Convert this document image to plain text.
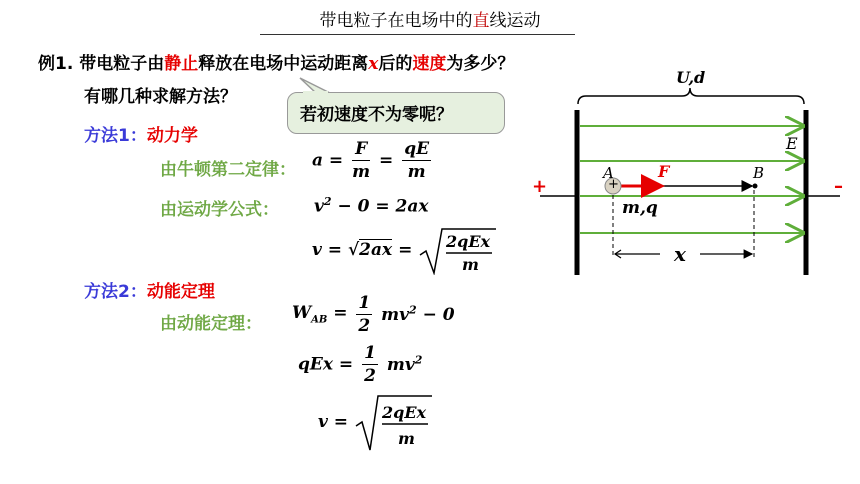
带电粒子在电场中的直线运动
例1. 带电粒子由静止释放在电场中运动距离x后的速度为多少？
有哪几种求解方法？
若初速度不为零呢？
方法1：动力学
由牛顿第二定律： $a = \frac{F}{m} = \frac{qE}{m}$
由运动学公式： $v^2 - 0 = 2ax$
v = √2ax = 2qEx
m
方法2：动能定理
由动能定理：
$W_{AB} = \frac{1}{2} mv^2 - 0$
qEx = $\frac{1}{2} mv^2$
v = 2qEx
m
U,d
E
A	B
F
+	–
+
m,q
x
